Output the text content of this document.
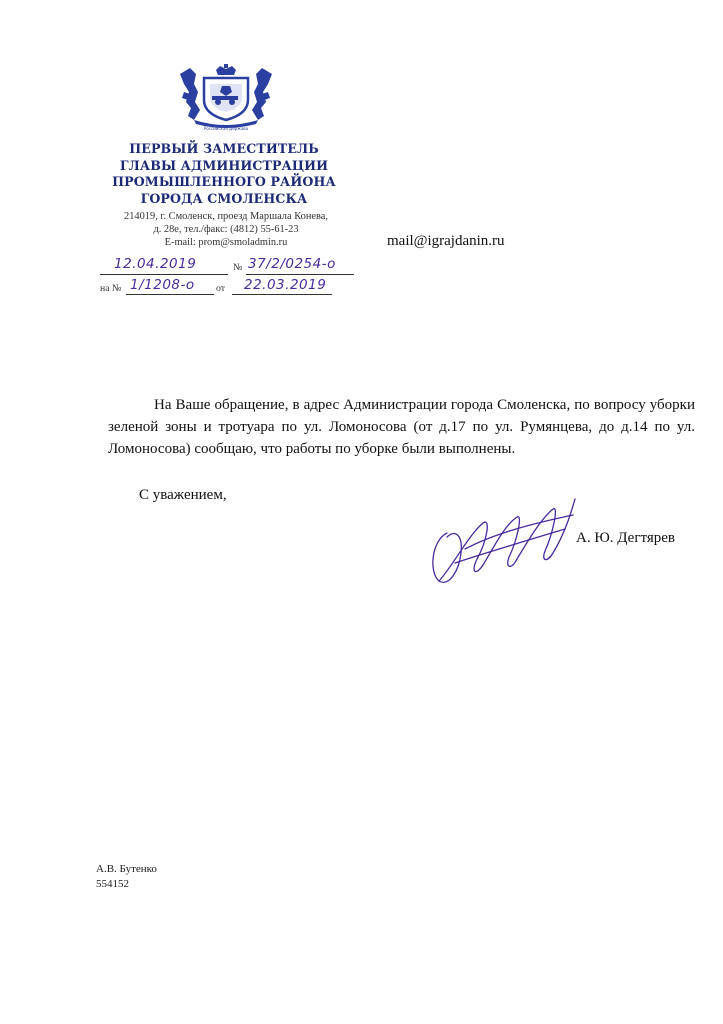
Российская Держава
ПЕРВЫЙ ЗАМЕСТИТЕЛЬ
ГЛАВЫ АДМИНИСТРАЦИИ
ПРОМЫШЛЕННОГО РАЙОНА
ГОРОДА СМОЛЕНСКА
214019, г. Смоленск, проезд Маршала Конева,
д. 28е, тел./факс: (4812) 55-61-23
E-mail: prom@smoladmin.ru	mail@igrajdanin.ru
12.04.2019	№ 37/2/0254-о
на № 1/1208-о от 22.03.2019

На Ваше обращение, в адрес Администрации города Смоленска, по вопросу уборки зеленой зоны и тротуара по ул. Ломоносова (от д.17 по ул. Румянцева, до д.14 по ул. Ломоносова) сообщаю, что работы по уборке были выполнены.

С уважением,
А. Ю. Дегтярев
А.В. Бутенко
554152
